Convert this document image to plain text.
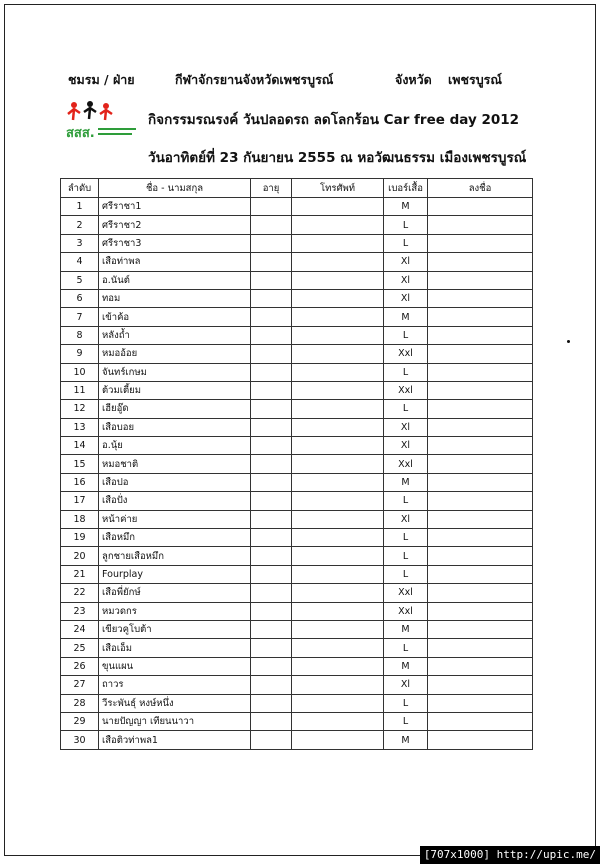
ชมรม / ฝ่าย	กีฬาจักรยานจังหวัดเพชรบูรณ์	จังหวัด เพชรบูรณ์
สสส.
กิจกรรมรณรงค์ วันปลอดรถ ลดโลกร้อน Car free day 2012
วันอาทิตย์ที่ 23 กันยายน 2555 ณ หอวัฒนธรรม เมืองเพชรบูรณ์
ลำดับ	ชื่อ - นามสกุล	อายุ	โทรศัพท์	เบอร์เสื้อ	ลงชื่อ
1	ศรีราชา1			M	
2	ศรีราชา2			L	
3	ศรีราชา3			L	
4	เสือท่าพล			Xl	
5	อ.นันต์			Xl	
6	ทอม			Xl	
7	เข้าค้อ			M	
8	หลังถ้ำ			L	
9	หมออ้อย			Xxl	
10	จันทร์เกษม			L	
11	ต้วมเตี้ยม			Xxl	
12	เฮียอู๊ด			L	
13	เสือบอย			Xl	
14	อ.นุ้ย			Xl	
15	หมอชาติ			Xxl	
16	เสือปอ			M	
17	เสือปั่ง			L	
18	หน้าค่าย			Xl	
19	เสือหมึก			L	
20	ลูกชายเสือหมึก			L	
21	Fourplay			L	
22	เสือพี่ยักษ์			Xxl	
23	หมวดกร			Xxl	
24	เขียวคูโบต้า			M	
25	เสือเอ็ม			L	
26	ขุนแผน			M	
27	ถาวร			Xl	
28	วีระพันธุ์ หงษ์หนึ่ง			L	
29	นายปัญญา เทียนนาวา			L	
30	เสือติวท่าพล1			M	
[707x1000] http://upic.me/
